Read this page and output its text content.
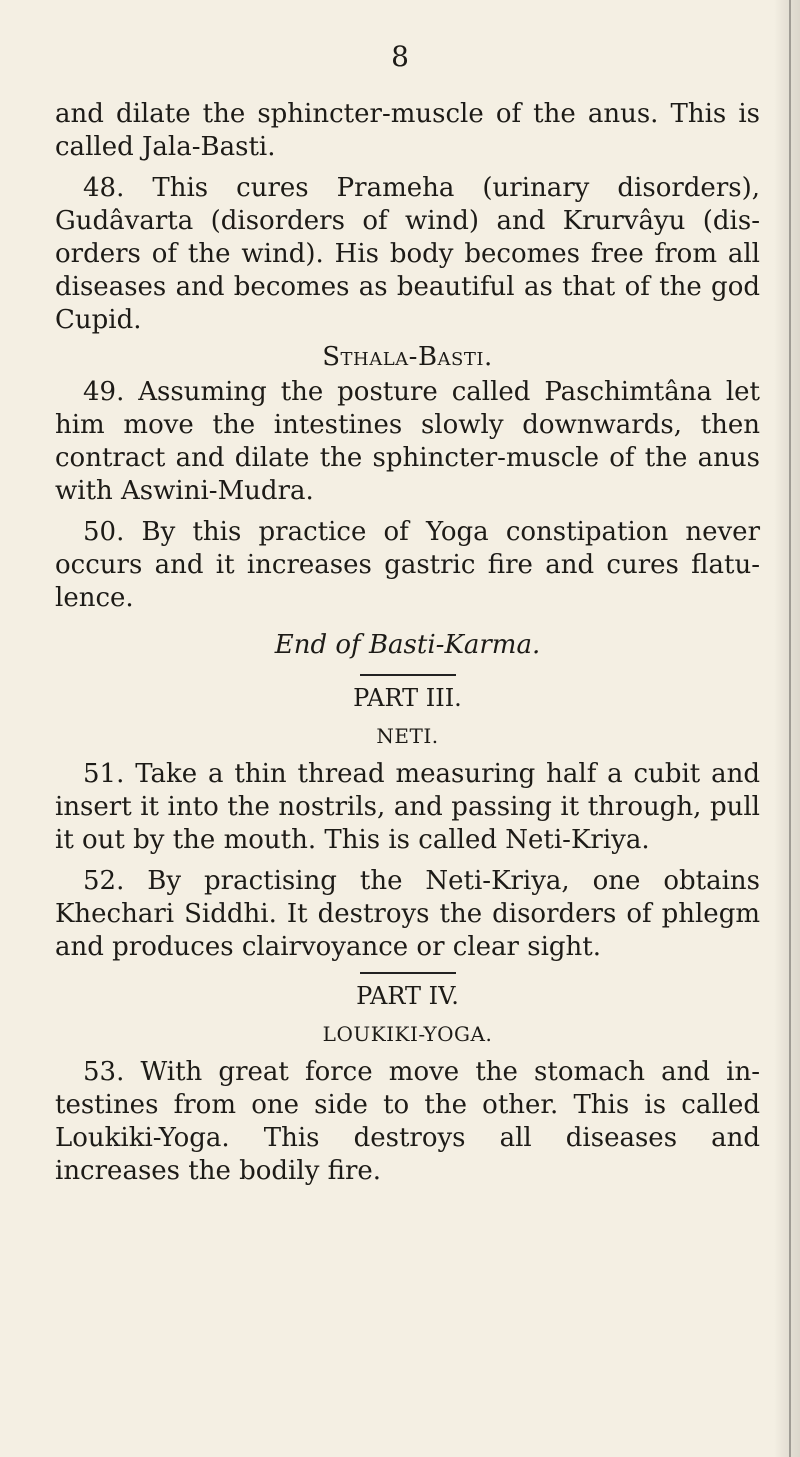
8

and dilate the sphincter-muscle of the anus. This is called Jala-Basti.

48. This cures Prameha (urinary disorders), Gudâvarta (disorders of wind) and Krurvâyu (dis-orders of the wind). His body becomes free from all diseases and becomes as beautiful as that of the god Cupid.

Sthala-Basti.

49. Assuming the posture called Paschimtâna let him move the intestines slowly downwards, then contract and dilate the sphincter-muscle of the anus with Aswini-Mudra.

50. By this practice of Yoga constipation never occurs and it increases gastric fire and cures flatu-lence.

End of Basti-Karma.
PART III.
NETI.

51. Take a thin thread measuring half a cubit and insert it into the nostrils, and passing it through, pull it out by the mouth. This is called Neti-Kriya.

52. By practising the Neti-Kriya, one obtains Khechari Siddhi. It destroys the disorders of phlegm and produces clairvoyance or clear sight.

PART IV.
LOUKIKI-YOGA.

53. With great force move the stomach and in-testines from one side to the other. This is called Loukiki-Yoga. This destroys all diseases and increases the bodily fire.
